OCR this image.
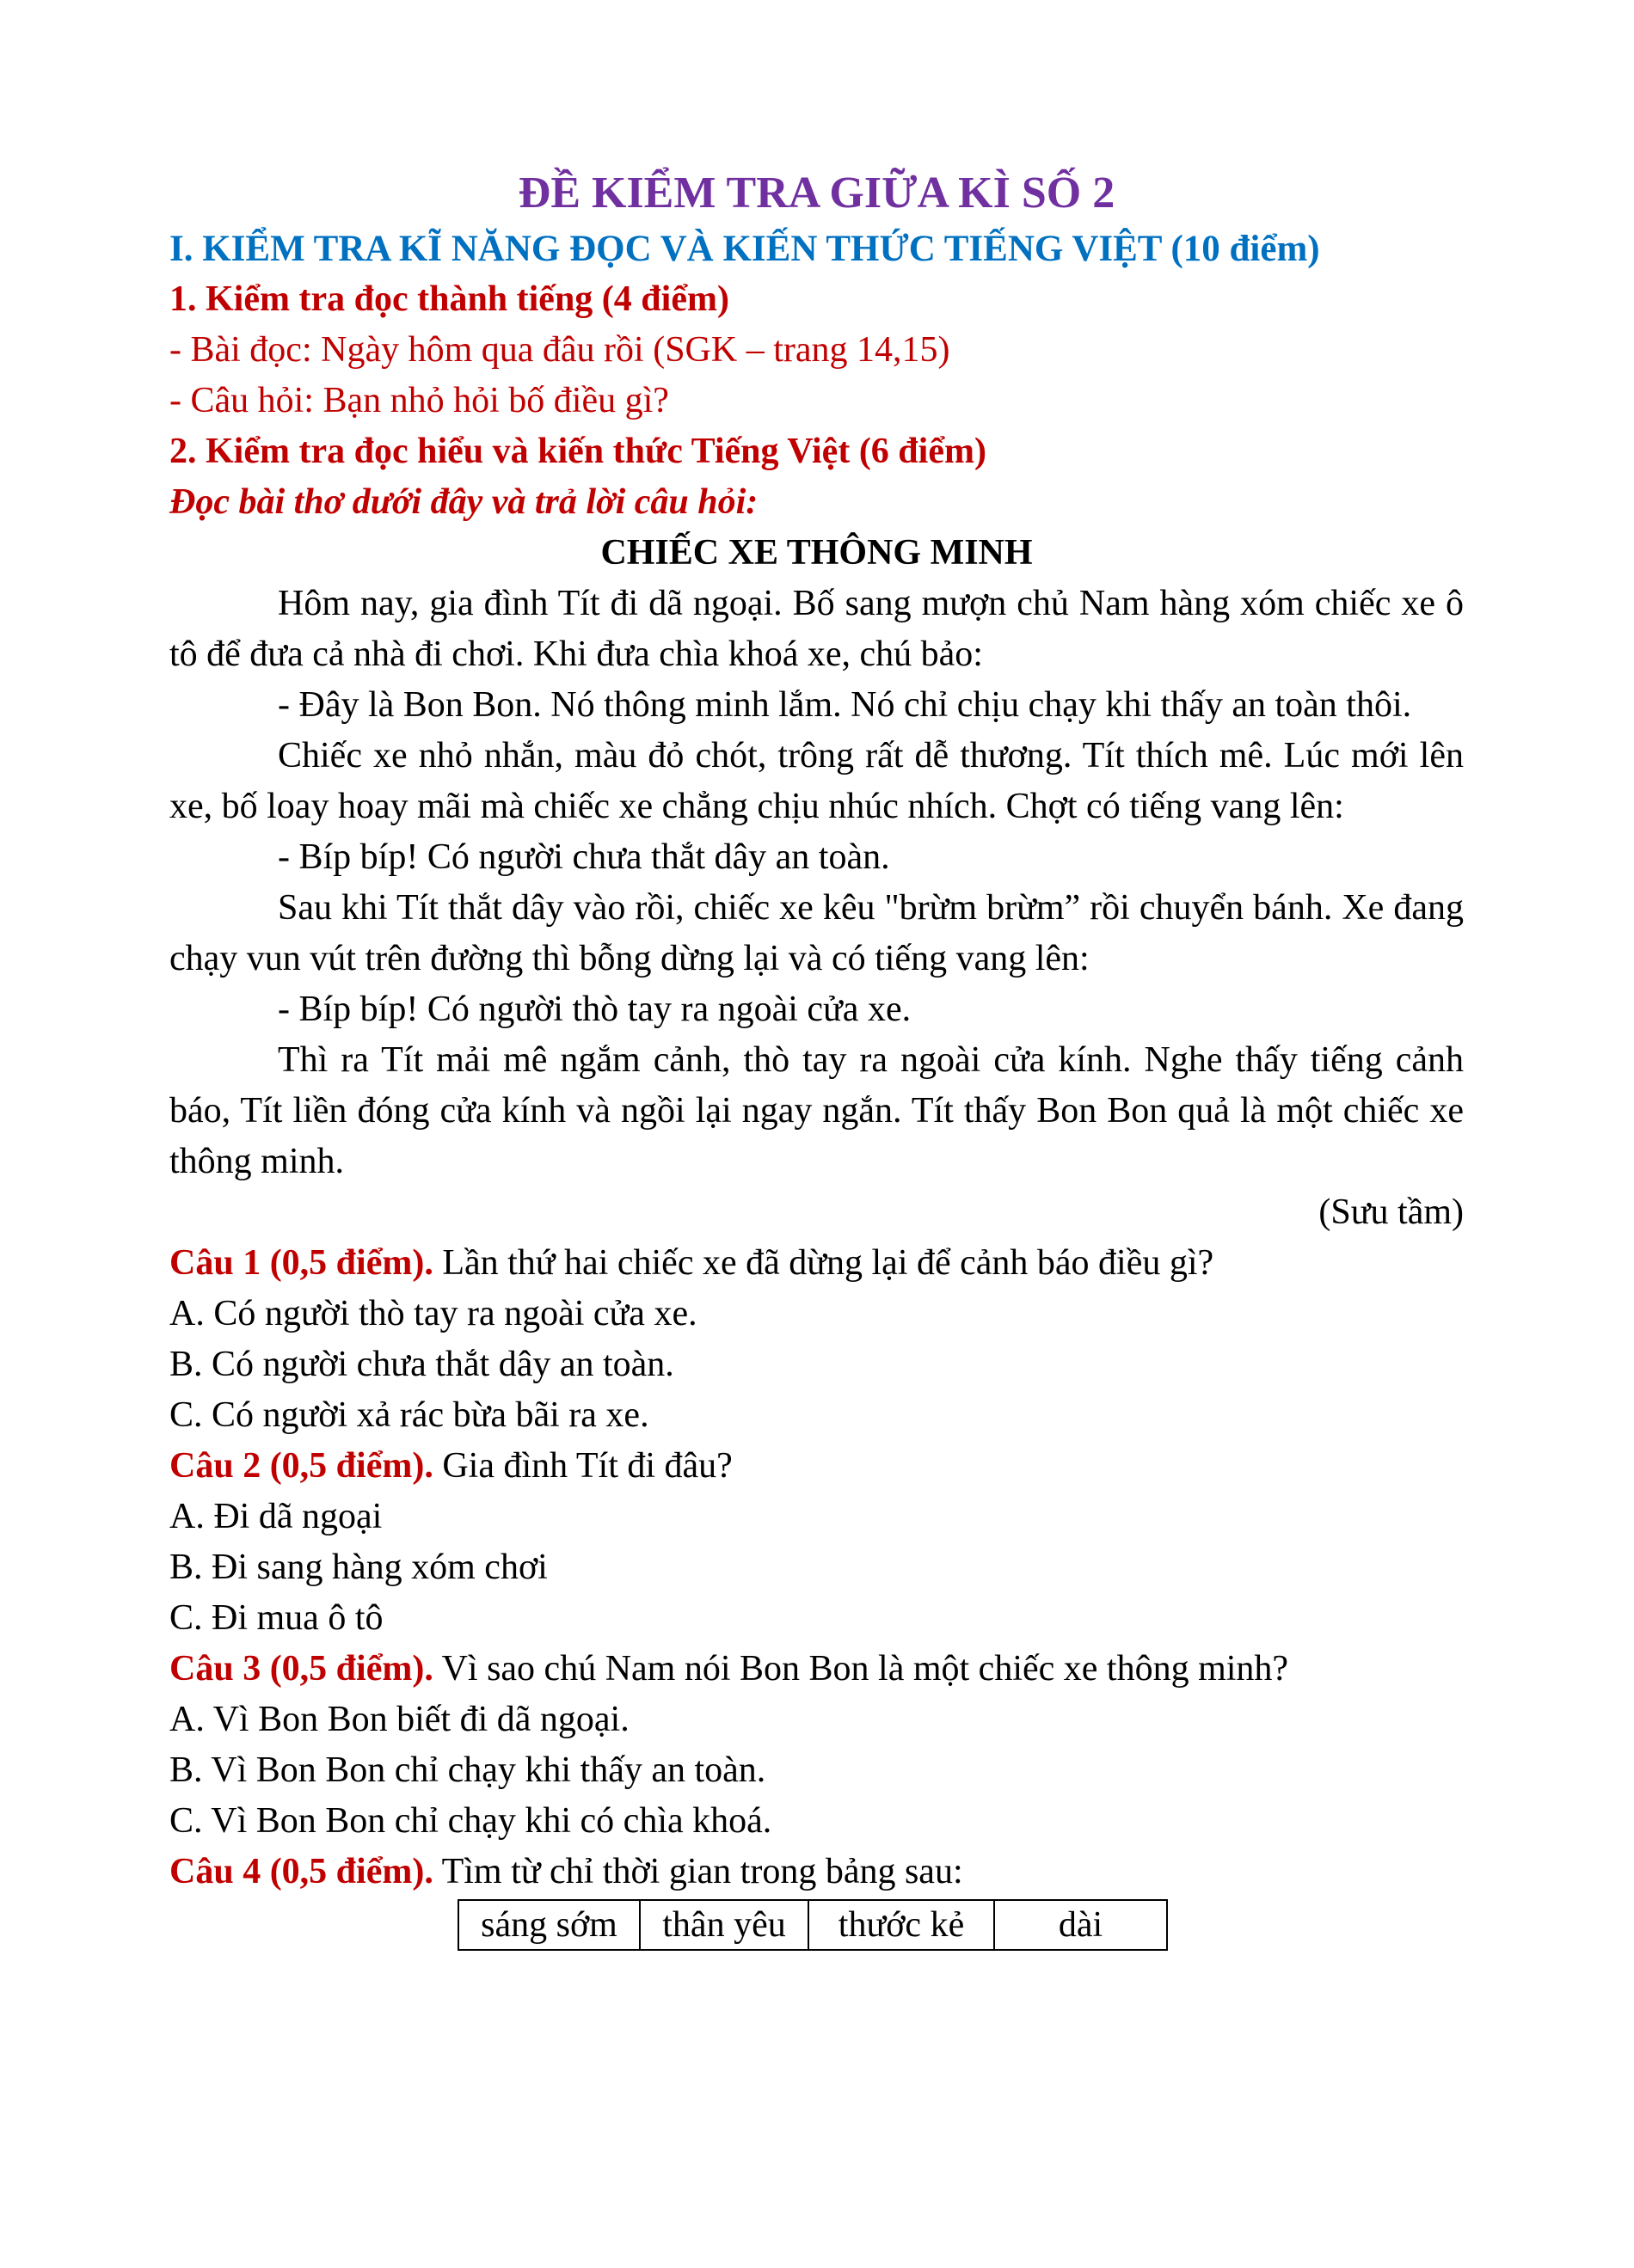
ĐỀ KIỂM TRA GIỮA KÌ SỐ 2

I. KIỂM TRA KĨ NĂNG ĐỌC VÀ KIẾN THỨC TIẾNG VIỆT (10 điểm)

1. Kiểm tra đọc thành tiếng (4 điểm)

- Bài đọc: Ngày hôm qua đâu rồi (SGK – trang 14,15)

- Câu hỏi: Bạn nhỏ hỏi bố điều gì?

2. Kiểm tra đọc hiểu và kiến thức Tiếng Việt (6 điểm)

Đọc bài thơ dưới đây và trả lời câu hỏi:

CHIẾC XE THÔNG MINH

Hôm nay, gia đình Tít đi dã ngoại. Bố sang mượn chủ Nam hàng xóm chiếc xe ô tô để đưa cả nhà đi chơi. Khi đưa chìa khoá xe, chú bảo:

- Đây là Bon Bon. Nó thông minh lắm. Nó chỉ chịu chạy khi thấy an toàn thôi.

Chiếc xe nhỏ nhắn, màu đỏ chót, trông rất dễ thương. Tít thích mê. Lúc mới lên xe, bố loay hoay mãi mà chiếc xe chẳng chịu nhúc nhích. Chợt có tiếng vang lên:

- Bíp bíp! Có người chưa thắt dây an toàn.

Sau khi Tít thắt dây vào rồi, chiếc xe kêu "brừm brừm” rồi chuyển bánh. Xe đang chạy vun vút trên đường thì bỗng dừng lại và có tiếng vang lên:

- Bíp bíp! Có người thò tay ra ngoài cửa xe.

Thì ra Tít mải mê ngắm cảnh, thò tay ra ngoài cửa kính. Nghe thấy tiếng cảnh báo, Tít liền đóng cửa kính và ngồi lại ngay ngắn. Tít thấy Bon Bon quả là một chiếc xe thông minh.

(Sưu tầm)

Câu 1 (0,5 điểm). Lần thứ hai chiếc xe đã dừng lại để cảnh báo điều gì?

A. Có người thò tay ra ngoài cửa xe.

B. Có người chưa thắt dây an toàn.

C. Có người xả rác bừa bãi ra xe.

Câu 2 (0,5 điểm). Gia đình Tít đi đâu?

A. Đi dã ngoại

B. Đi sang hàng xóm chơi

C. Đi mua ô tô

Câu 3 (0,5 điểm). Vì sao chú Nam nói Bon Bon là một chiếc xe thông minh?

A. Vì Bon Bon biết đi dã ngoại.

B. Vì Bon Bon chỉ chạy khi thấy an toàn.

C. Vì Bon Bon chỉ chạy khi có chìa khoá.

Câu 4 (0,5 điểm). Tìm từ chỉ thời gian trong bảng sau:

sáng sớm	thân yêu	thước kẻ	dài
